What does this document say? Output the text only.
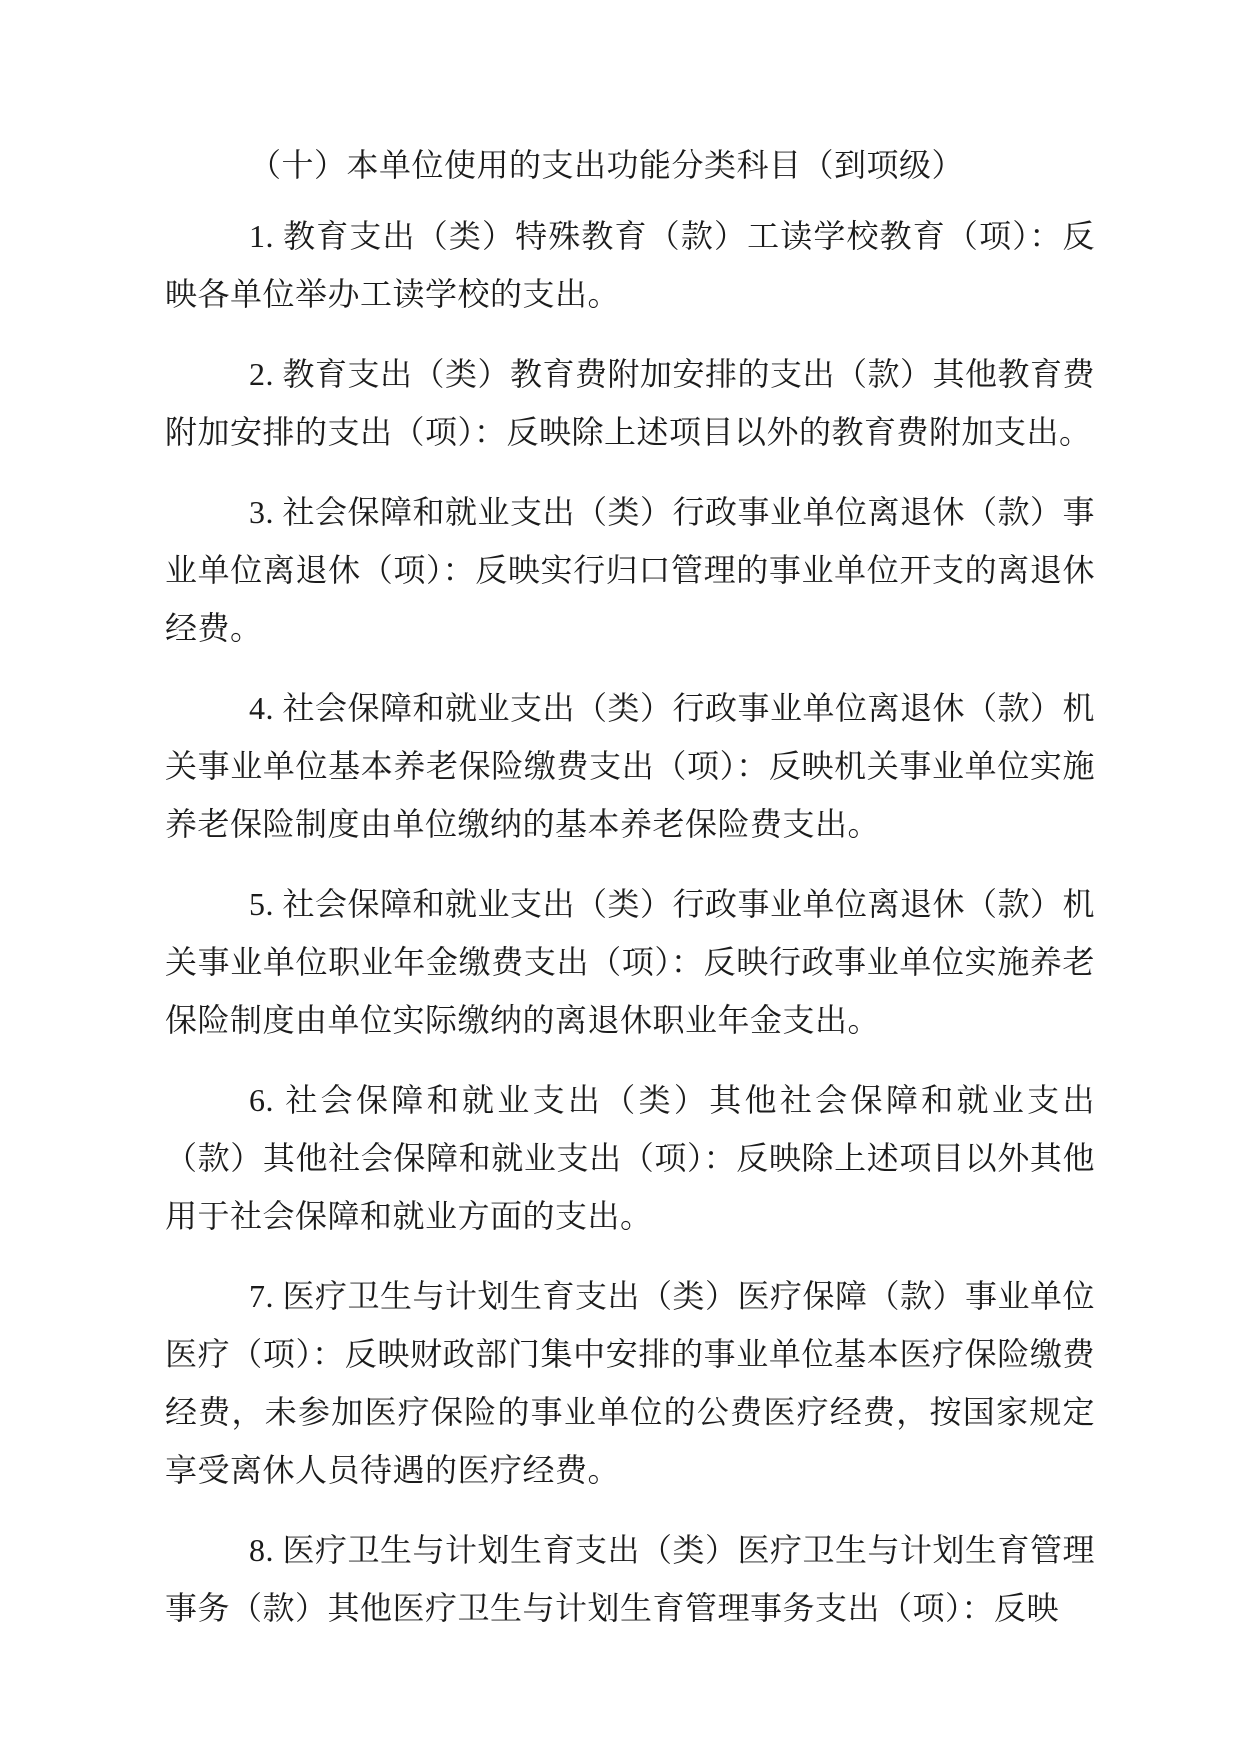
（十）本单位使用的支出功能分类科目（到项级）

1. 教育支出（类）特殊教育（款）工读学校教育（项）：反映各单位举办工读学校的支出。

2. 教育支出（类）教育费附加安排的支出（款）其他教育费附加安排的支出（项）：反映除上述项目以外的教育费附加支出。

3. 社会保障和就业支出（类）行政事业单位离退休（款）事业单位离退休（项）：反映实行归口管理的事业单位开支的离退休经费。

4. 社会保障和就业支出（类）行政事业单位离退休（款）机关事业单位基本养老保险缴费支出（项）：反映机关事业单位实施养老保险制度由单位缴纳的基本养老保险费支出。

5. 社会保障和就业支出（类）行政事业单位离退休（款）机关事业单位职业年金缴费支出（项）：反映行政事业单位实施养老保险制度由单位实际缴纳的离退休职业年金支出。

6. 社会保障和就业支出（类）其他社会保障和就业支出（款）其他社会保障和就业支出（项）：反映除上述项目以外其他用于社会保障和就业方面的支出。

7. 医疗卫生与计划生育支出（类）医疗保障（款）事业单位医疗（项）：反映财政部门集中安排的事业单位基本医疗保险缴费经费，未参加医疗保险的事业单位的公费医疗经费，按国家规定享受离休人员待遇的医疗经费。

8. 医疗卫生与计划生育支出（类）医疗卫生与计划生育管理事务（款）其他医疗卫生与计划生育管理事务支出（项）：反映
